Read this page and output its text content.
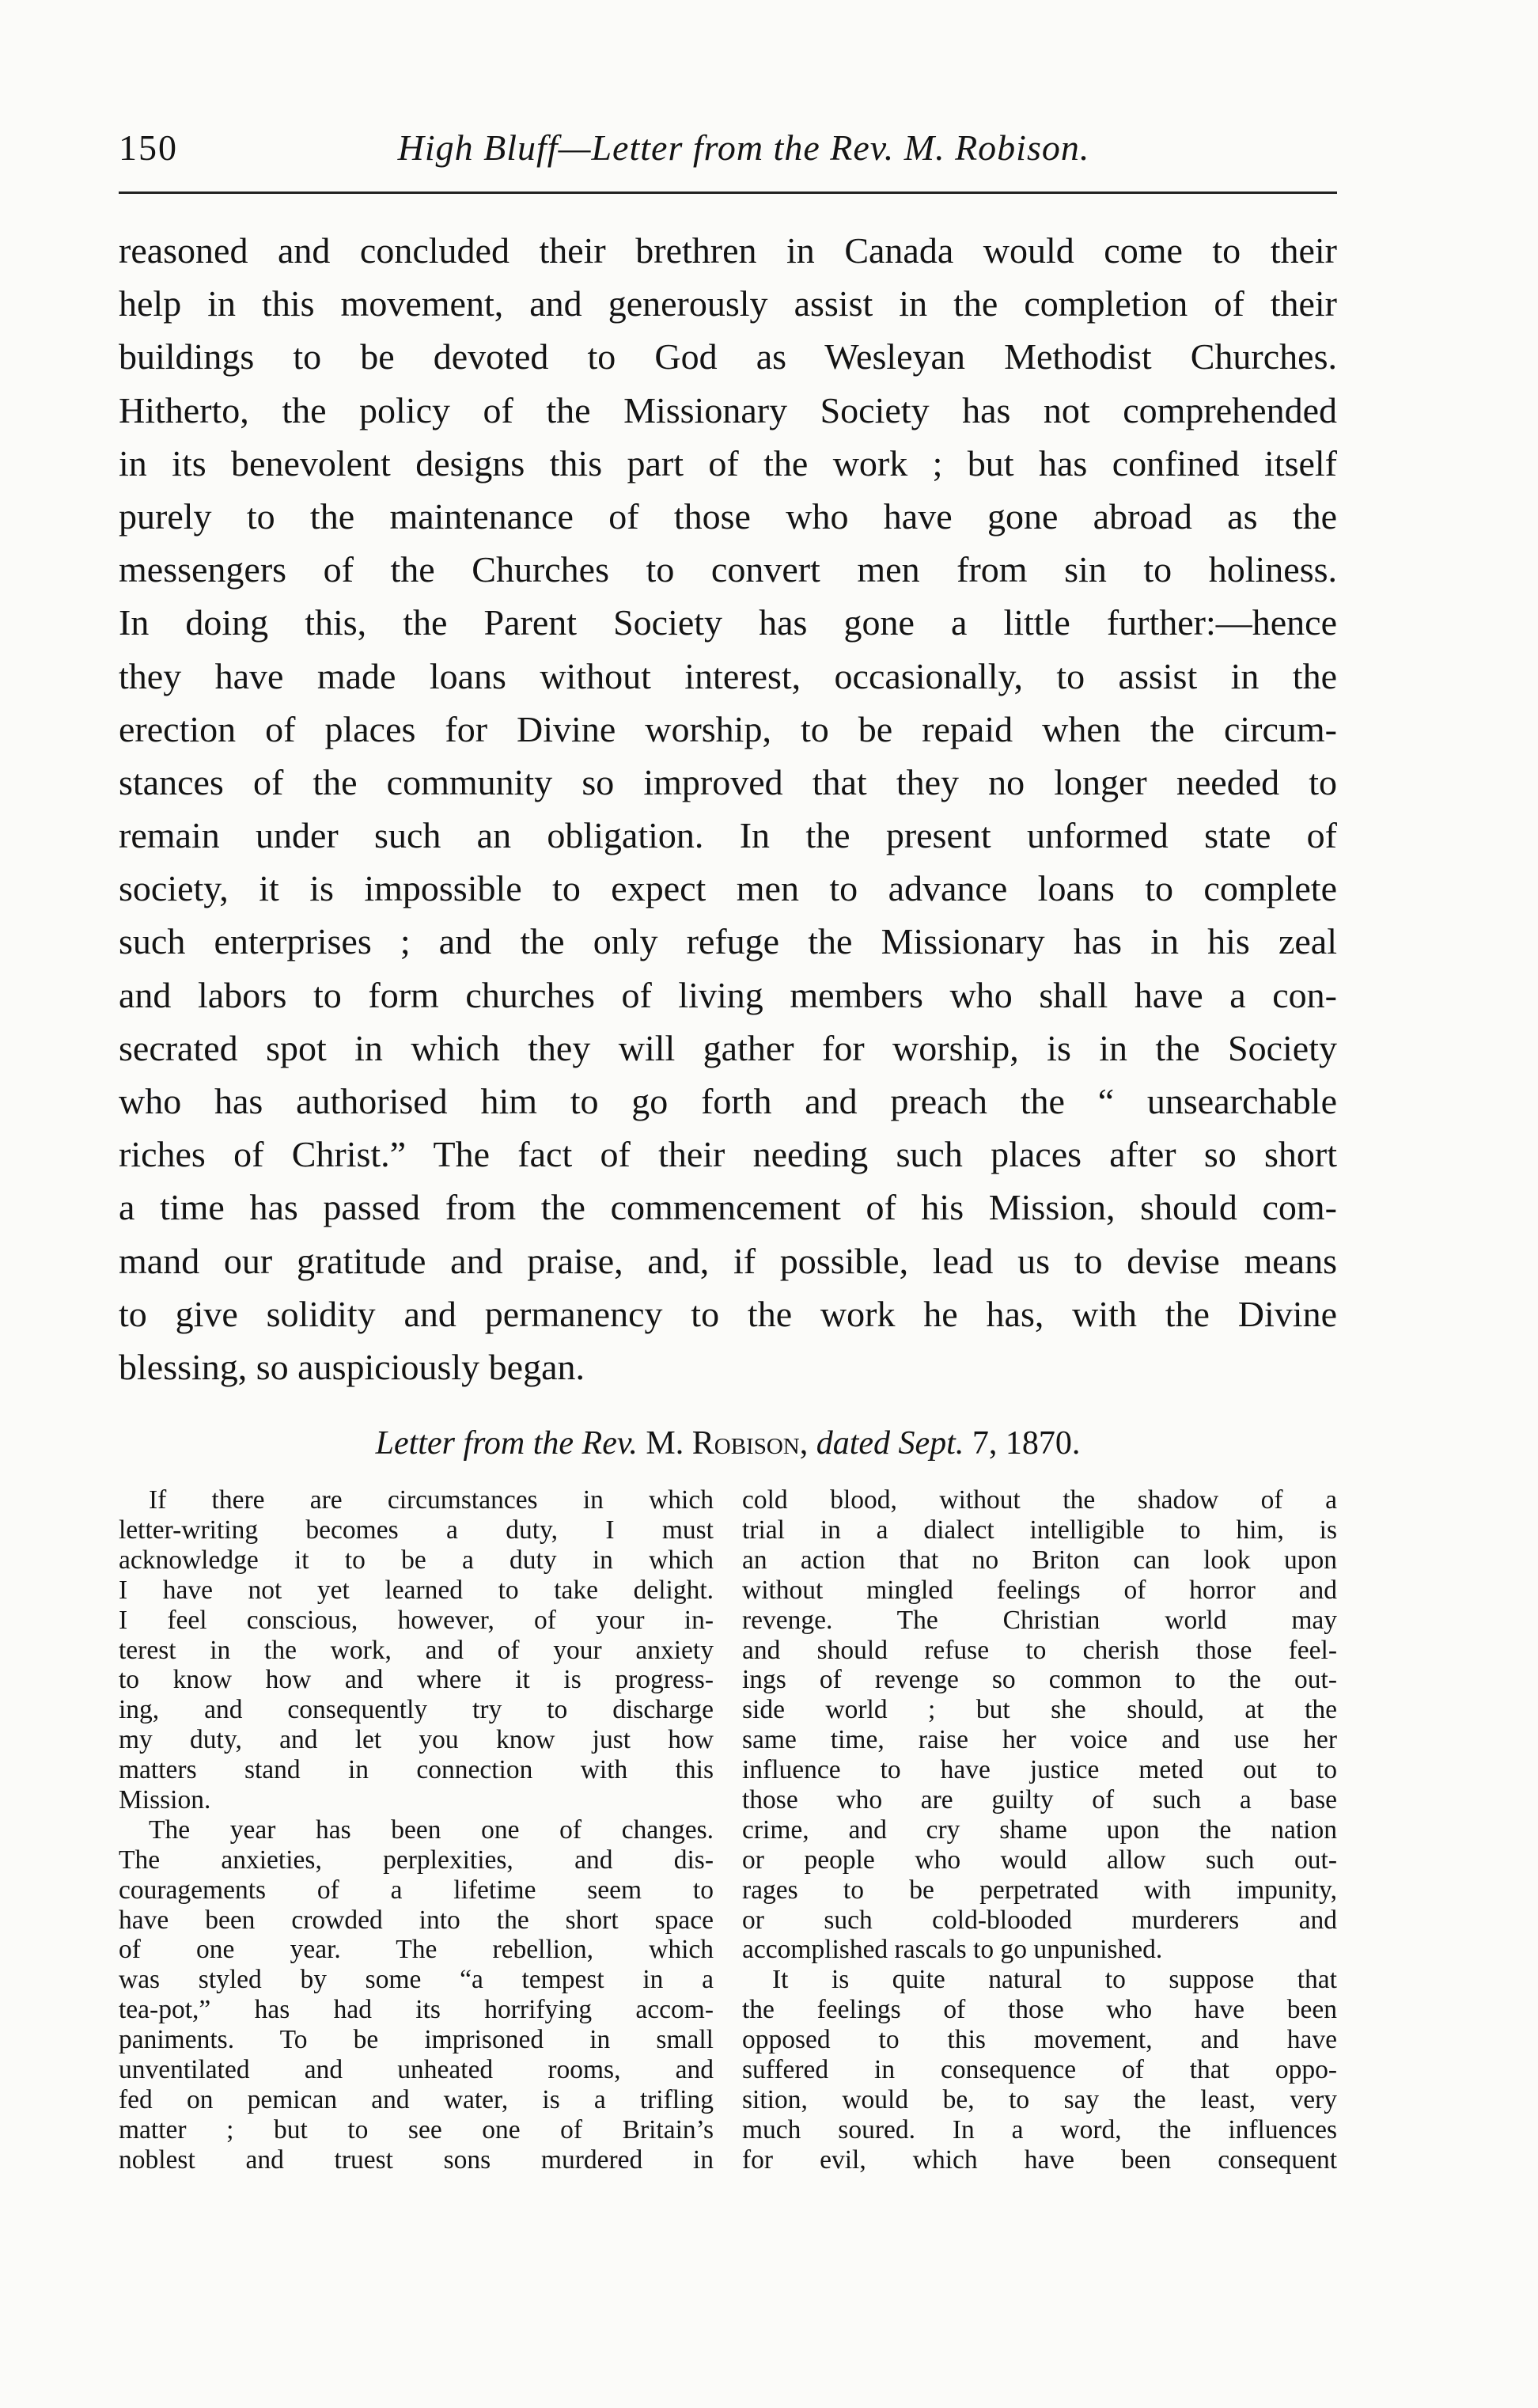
150	High Bluff—Letter from the Rev. M. Robison.
reasoned and concluded their brethren in Canada would come to their
help in this movement, and generously assist in the completion of their
buildings to be devoted to God as Wesleyan Methodist Churches.
Hitherto, the policy of the Missionary Society has not comprehended
in its benevolent designs this part of the work ; but has confined itself
purely to the maintenance of those who have gone abroad as the
messengers of the Churches to convert men from sin to holiness.
In doing this, the Parent Society has gone a little further:—hence
they have made loans without interest, occasionally, to assist in the
erection of places for Divine worship, to be repaid when the circum-
stances of the community so improved that they no longer needed to
remain under such an obligation. In the present unformed state of
society, it is impossible to expect men to advance loans to complete
such enterprises ; and the only refuge the Missionary has in his zeal
and labors to form churches of living members who shall have a con-
secrated spot in which they will gather for worship, is in the Society
who has authorised him to go forth and preach the “ unsearchable
riches of Christ.” The fact of their needing such places after so short
a time has passed from the commencement of his Mission, should com-
mand our gratitude and praise, and, if possible, lead us to devise means
to give solidity and permanency to the work he has, with the Divine
blessing, so auspiciously began.
Letter from the Rev. M. Robison, dated Sept. 7, 1870.
If there are circumstances in which
letter-writing becomes a duty, I must
acknowledge it to be a duty in which
I have not yet learned to take delight.
I feel conscious, however, of your in-
terest in the work, and of your anxiety
to know how and where it is progress-
ing, and consequently try to discharge
my duty, and let you know just how
matters stand in connection with this
Mission.
The year has been one of changes.
The anxieties, perplexities, and dis-
couragements of a lifetime seem to
have been crowded into the short space
of one year. The rebellion, which
was styled by some “a tempest in a
tea-pot,” has had its horrifying accom-
paniments. To be imprisoned in small
unventilated and unheated rooms, and
fed on pemican and water, is a trifling
matter ; but to see one of Britain’s
noblest and truest sons murdered in
cold blood, without the shadow of a
trial in a dialect intelligible to him, is
an action that no Briton can look upon
without mingled feelings of horror and
revenge. The Christian world may
and should refuse to cherish those feel-
ings of revenge so common to the out-
side world ; but she should, at the
same time, raise her voice and use her
influence to have justice meted out to
those who are guilty of such a base
crime, and cry shame upon the nation
or people who would allow such out-
rages to be perpetrated with impunity,
or such cold-blooded murderers and
accomplished rascals to go unpunished.
It is quite natural to suppose that
the feelings of those who have been
opposed to this movement, and have
suffered in consequence of that oppo-
sition, would be, to say the least, very
much soured. In a word, the influences
for evil, which have been consequent
